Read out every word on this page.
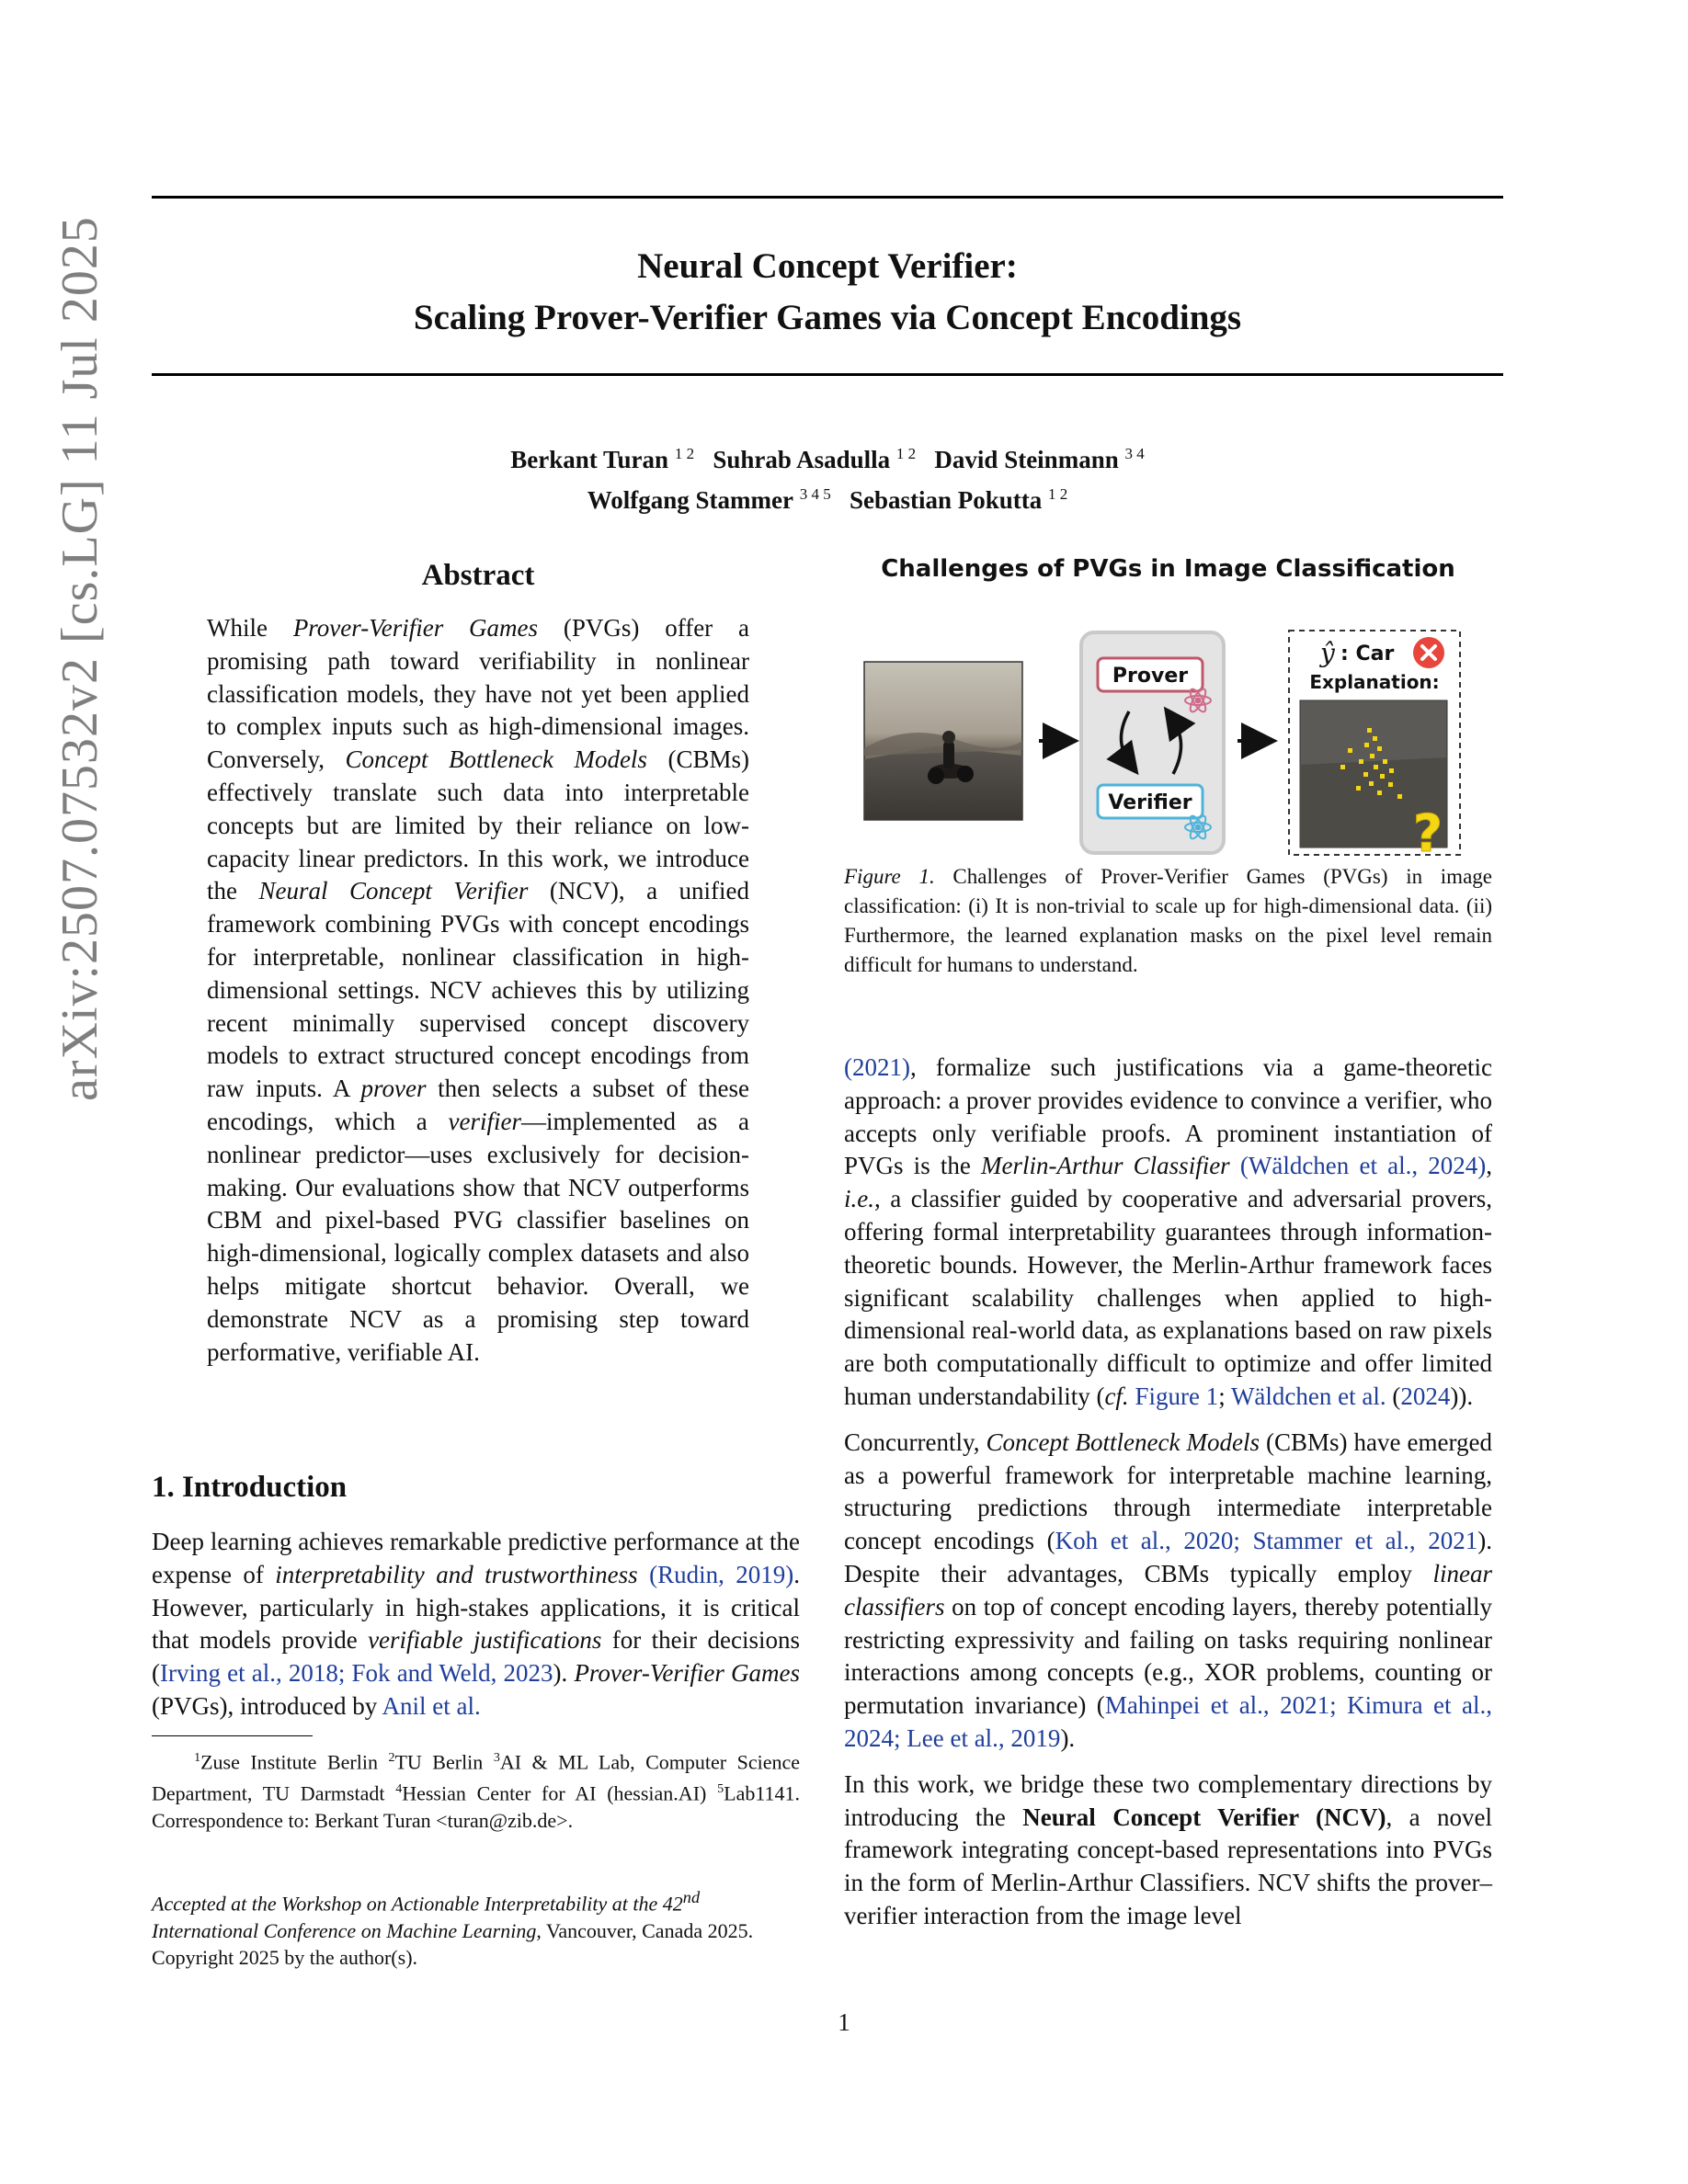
Neural Concept Verifier:
Scaling Prover-Verifier Games via Concept Encodings
Berkant Turan $^{1 2}$ Suhrab Asadulla $^{1 2}$ David Steinmann $^{3 4}$
Wolfgang Stammer $^{3 4 5}$ Sebastian Pokutta $^{1 2}$
arXiv:2507.07532v2 [cs.LG] 11 Jul 2025	Abstract
While Prover-Verifier Games (PVGs) offer a promising path toward verifiability in nonlinear classification models, they have not yet been applied to complex inputs such as high-dimensional images. Conversely, Concept Bottleneck Models (CBMs) effectively translate such data into interpretable concepts but are limited by their reliance on low-capacity linear predictors. In this work, we introduce the Neural Concept Verifier (NCV), a unified framework combining PVGs with concept encodings for interpretable, nonlinear classification in high-dimensional settings. NCV achieves this by utilizing recent minimally supervised concept discovery models to extract structured concept encodings from raw inputs. A prover then selects a subset of these encodings, which a verifier—implemented as a nonlinear predictor—uses exclusively for decision-making. Our evaluations show that NCV outperforms CBM and pixel-based PVG classifier baselines on high-dimensional, logically complex datasets and also helps mitigate shortcut behavior. Overall, we demonstrate NCV as a promising step toward performative, verifiable AI.
1. Introduction
Deep learning achieves remarkable predictive performance at the expense of interpretability and trustworthiness (Rudin, 2019). However, particularly in high-stakes applications, it is critical that models provide verifiable justifications for their decisions (Irving et al., 2018; Fok and Weld, 2023). Prover-Verifier Games (PVGs), introduced by Anil et al.
$^1$Zuse Institute Berlin $^2$TU Berlin $^3$AI & ML Lab, Computer Science Department, TU Darmstadt $^4$Hessian Center for AI (hessian.AI) $^5$Lab1141. Correspondence to: Berkant Turan <turan@zib.de>.
Accepted at the Workshop on Actionable Interpretability at the 42nd International Conference on Machine Learning, Vancouver, Canada 2025. Copyright 2025 by the author(s).
Challenges of PVGs in Image Classification
Prover
Verifier
ŷ : Car
Explanation:
?
Figure 1. Challenges of Prover-Verifier Games (PVGs) in image classification: (i) It is non-trivial to scale up for high-dimensional data. (ii) Furthermore, the learned explanation masks on the pixel level remain difficult for humans to understand.

(2021), formalize such justifications via a game-theoretic approach: a prover provides evidence to convince a verifier, who accepts only verifiable proofs. A prominent instantiation of PVGs is the Merlin-Arthur Classifier (Wäldchen et al., 2024), i.e., a classifier guided by cooperative and adversarial provers, offering formal interpretability guarantees through information-theoretic bounds. However, the Merlin-Arthur framework faces significant scalability challenges when applied to high-dimensional real-world data, as explanations based on raw pixels are both computationally difficult to optimize and offer limited human understandability (cf. Figure 1; Wäldchen et al. (2024)).

Concurrently, Concept Bottleneck Models (CBMs) have emerged as a powerful framework for interpretable machine learning, structuring predictions through intermediate interpretable concept encodings (Koh et al., 2020; Stammer et al., 2021). Despite their advantages, CBMs typically employ linear classifiers on top of concept encoding layers, thereby potentially restricting expressivity and failing on tasks requiring nonlinear interactions among concepts (e.g., XOR problems, counting or permutation invariance) (Mahinpei et al., 2021; Kimura et al., 2024; Lee et al., 2019).

In this work, we bridge these two complementary directions by introducing the Neural Concept Verifier (NCV), a novel framework integrating concept-based representations into PVGs in the form of Merlin-Arthur Classifiers. NCV shifts the prover–verifier interaction from the image level

1
